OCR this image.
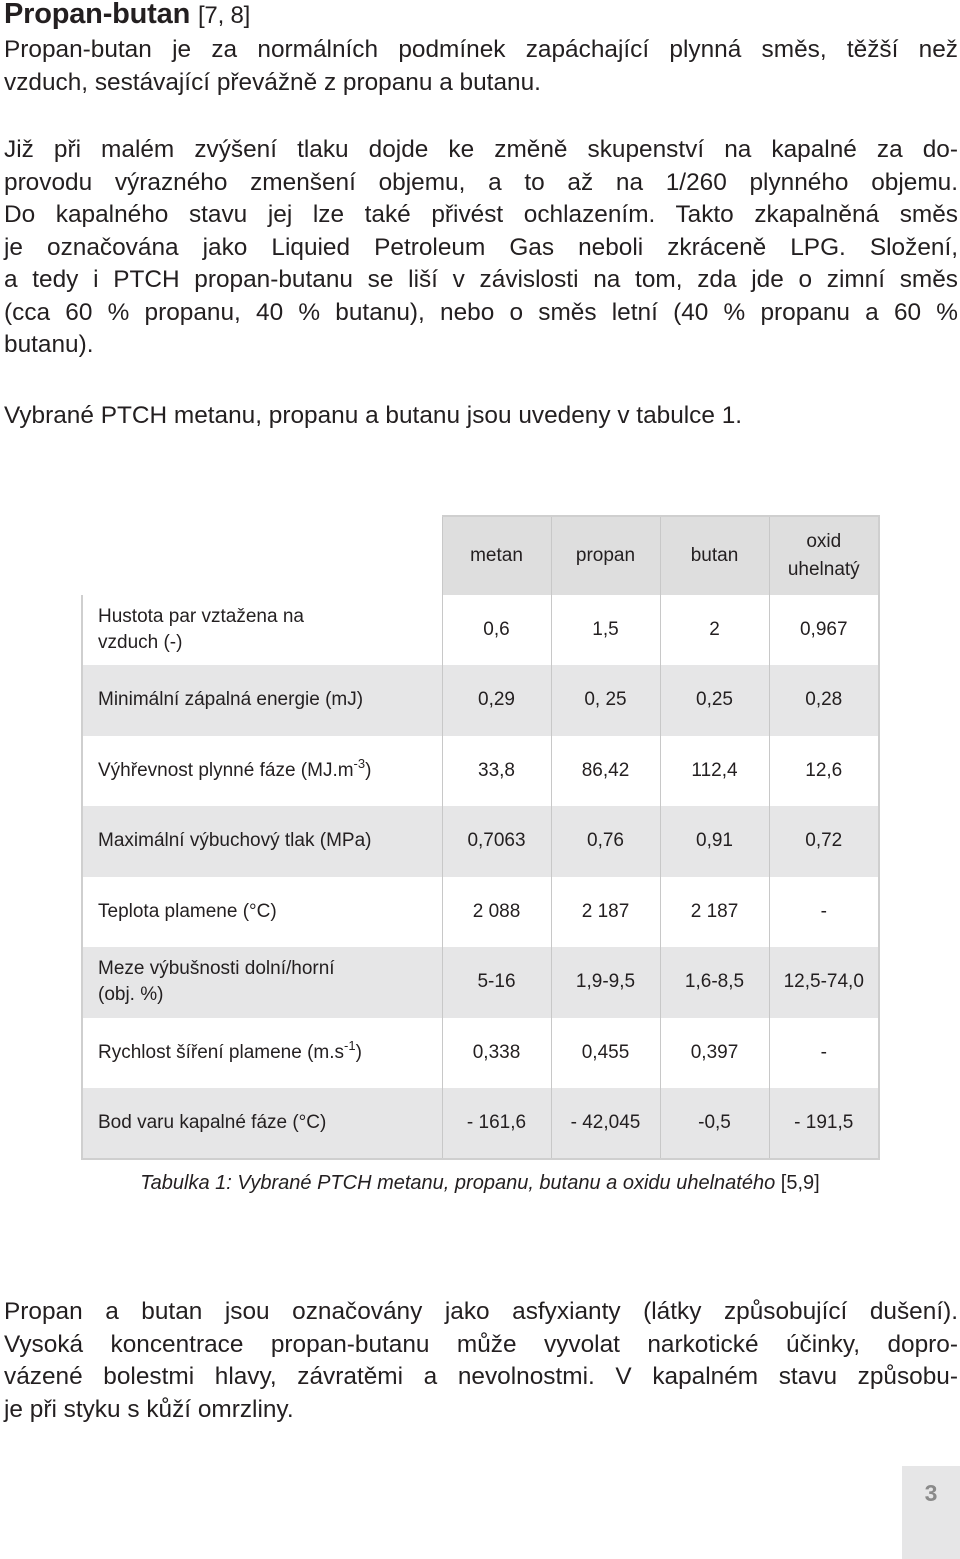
Propan-butan [7, 8]

Propan-butan je za normálních podmínek zapáchající plynná směs, těžší než
vzduch, sestávající převážně z propanu a butanu.

Již při malém zvýšení tlaku dojde ke změně skupenství na kapalné za do-
provodu výrazného zmenšení objemu, a to až na 1/260 plynného objemu.
Do kapalného stavu jej lze také přivést ochlazením. Takto zkapalněná směs
je označována jako Liquied Petroleum Gas neboli zkráceně LPG. Složení,
a tedy i PTCH propan-butanu se liší v závislosti na tom, zda jde o zimní směs
(cca 60 % propanu, 40 % butanu), nebo o směs letní (40 % propanu a 60 %
butanu).

Vybrané PTCH metanu, propanu a butanu jsou uvedeny v tabulce 1.

	metan	propan	butan	oxid
uhelnatý
Hustota par vztažena na
vzduch (-)	0,6	1,5	2	0,967
Minimální zápalná energie (mJ)	0,29	0, 25	0,25	0,28
Výhřevnost plynné fáze $(MJ.m^{-3})$	33,8	86,42	112,4	12,6
Maximální výbuchový tlak (MPa)	0,7063	0,76	0,91	0,72
Teplota plamene (°C)	2 088	2 187	2 187	-
Meze výbušnosti dolní/horní
(obj. %)	5-16	1,9-9,5	1,6-8,5	12,5-74,0
Rychlost šíření plamene $(m.s^{-1})$	0,338	0,455	0,397	-
Bod varu kapalné fáze (°C)	- 161,6	- 42,045	-0,5	- 191,5
Tabulka 1: Vybrané PTCH metanu, propanu, butanu a oxidu uhelnatého [5,9]

Propan a butan jsou označovány jako asfyxianty (látky způsobující dušení).
Vysoká koncentrace propan-butanu může vyvolat narkotické účinky, dopro-
vázené bolestmi hlavy, závratěmi a nevolnostmi. V kapalném stavu způsobu-
je při styku s kůží omrzliny.

3
